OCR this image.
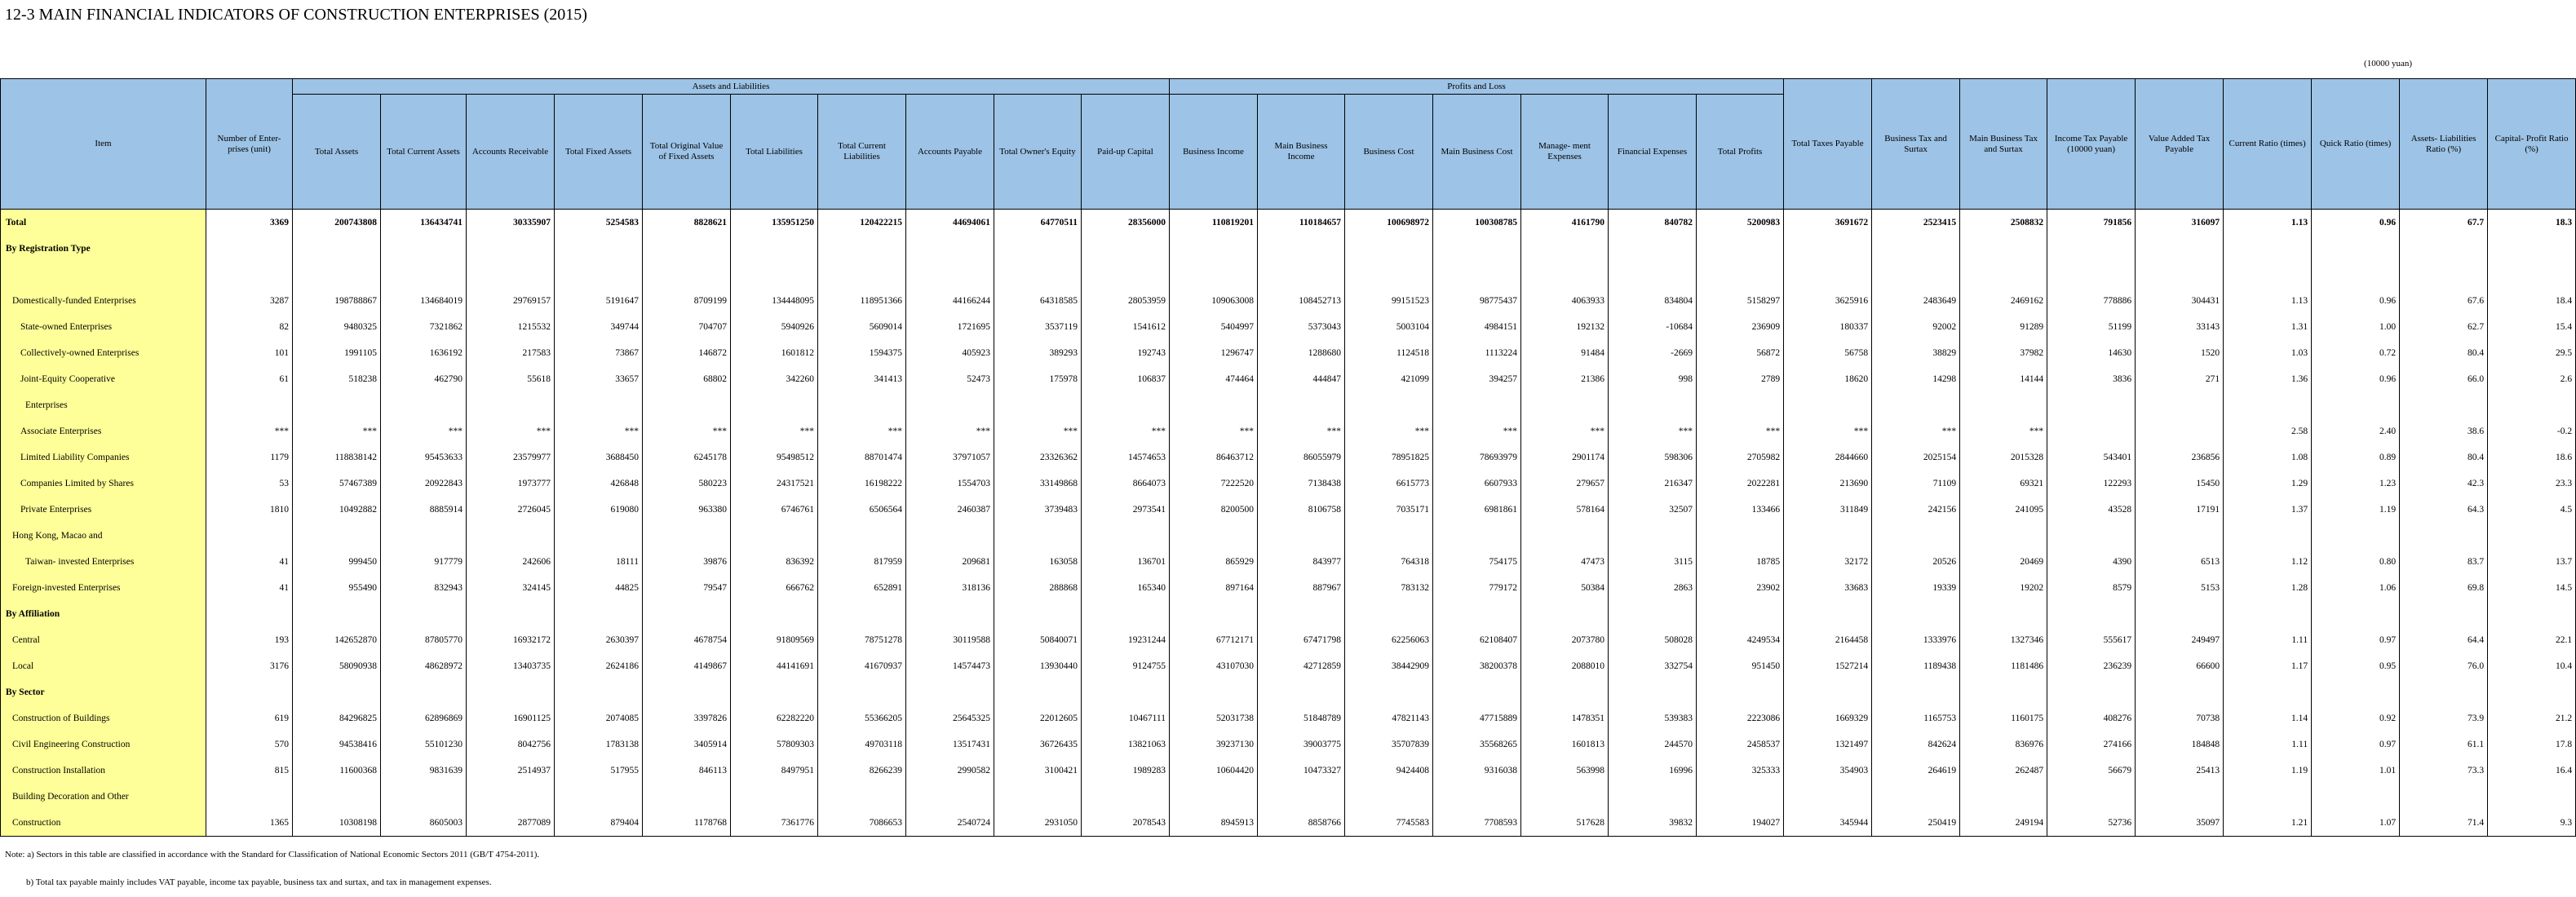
12-3 MAIN FINANCIAL INDICATORS OF CONSTRUCTION ENTERPRISES (2015)
(10000 yuan)
Item	Number of Enter- prises (unit)	Assets and Liabilities										Profits and Loss							Total Taxes Payable	Business Tax and Surtax	Main Business Tax and Surtax	Income Tax Payable (10000 yuan)	Value Added Tax Payable	Current Ratio (times)	Quick Ratio (times)	Assets- Liabilities Ratio (%)	Capital- Profit Ratio (%)
		Total Assets	Total Current Assets	Accounts Receivable	Total Fixed Assets	Total Original Value of Fixed Assets	Total Liabilities	Total Current Liabilities	Accounts Payable	Total Owner's Equity	Paid-up Capital	Business Income	Main Business Income	Business Cost	Main Business Cost	Manage- ment Expenses	Financial Expenses	Total Profits									
Total	3369	200743808	136434741	30335907	5254583	8828621	135951250	120422215	44694061	64770511	28356000	110819201	110184657	100698972	100308785	4161790	840782	5200983	3691672	2523415	2508832	791856	316097	1.13	0.96	67.7	18.3
By Registration Type																											

Domestically-funded Enterprises	3287	198788867	134684019	29769157	5191647	8709199	134448095	118951366	44166244	64318585	28053959	109063008	108452713	99151523	98775437	4063933	834804	5158297	3625916	2483649	2469162	778886	304431	1.13	0.96	67.6	18.4
State-owned Enterprises	82	9480325	7321862	1215532	349744	704707	5940926	5609014	1721695	3537119	1541612	5404997	5373043	5003104	4984151	192132	-10684	236909	180337	92002	91289	51199	33143	1.31	1.00	62.7	15.4
Collectively-owned Enterprises	101	1991105	1636192	217583	73867	146872	1601812	1594375	405923	389293	192743	1296747	1288680	1124518	1113224	91484	-2669	56872	56758	38829	37982	14630	1520	1.03	0.72	80.4	29.5
Joint-Equity Cooperative	61	518238	462790	55618	33657	68802	342260	341413	52473	175978	106837	474464	444847	421099	394257	21386	998	2789	18620	14298	14144	3836	271	1.36	0.96	66.0	2.6
Enterprises																											
Associate Enterprises	***	***	***	***	***	***	***	***	***	***	***	***	***	***	***	***	***	***	***	***	***			2.58	2.40	38.6	-0.2
Limited Liability Companies	1179	118838142	95453633	23579977	3688450	6245178	95498512	88701474	37971057	23326362	14574653	86463712	86055979	78951825	78693979	2901174	598306	2705982	2844660	2025154	2015328	543401	236856	1.08	0.89	80.4	18.6
Companies Limited by Shares	53	57467389	20922843	1973777	426848	580223	24317521	16198222	1554703	33149868	8664073	7222520	7138438	6615773	6607933	279657	216347	2022281	213690	71109	69321	122293	15450	1.29	1.23	42.3	23.3
Private Enterprises	1810	10492882	8885914	2726045	619080	963380	6746761	6506564	2460387	3739483	2973541	8200500	8106758	7035171	6981861	578164	32507	133466	311849	242156	241095	43528	17191	1.37	1.19	64.3	4.5
Hong Kong, Macao and																											
Taiwan- invested Enterprises	41	999450	917779	242606	18111	39876	836392	817959	209681	163058	136701	865929	843977	764318	754175	47473	3115	18785	32172	20526	20469	4390	6513	1.12	0.80	83.7	13.7
Foreign-invested Enterprises	41	955490	832943	324145	44825	79547	666762	652891	318136	288868	165340	897164	887967	783132	779172	50384	2863	23902	33683	19339	19202	8579	5153	1.28	1.06	69.8	14.5
By Affiliation																											
Central	193	142652870	87805770	16932172	2630397	4678754	91809569	78751278	30119588	50840071	19231244	67712171	67471798	62256063	62108407	2073780	508028	4249534	2164458	1333976	1327346	555617	249497	1.11	0.97	64.4	22.1
Local	3176	58090938	48628972	13403735	2624186	4149867	44141691	41670937	14574473	13930440	9124755	43107030	42712859	38442909	38200378	2088010	332754	951450	1527214	1189438	1181486	236239	66600	1.17	0.95	76.0	10.4
By Sector																											
Construction of Buildings	619	84296825	62896869	16901125	2074085	3397826	62282220	55366205	25645325	22012605	10467111	52031738	51848789	47821143	47715889	1478351	539383	2223086	1669329	1165753	1160175	408276	70738	1.14	0.92	73.9	21.2
Civil Engineering Construction	570	94538416	55101230	8042756	1783138	3405914	57809303	49703118	13517431	36726435	13821063	39237130	39003775	35707839	35568265	1601813	244570	2458537	1321497	842624	836976	274166	184848	1.11	0.97	61.1	17.8
Construction Installation	815	11600368	9831639	2514937	517955	846113	8497951	8266239	2990582	3100421	1989283	10604420	10473327	9424408	9316038	563998	16996	325333	354903	264619	262487	56679	25413	1.19	1.01	73.3	16.4
Building Decoration and Other																											
Construction	1365	10308198	8605003	2877089	879404	1178768	7361776	7086653	2540724	2931050	2078543	8945913	8858766	7745583	7708593	517628	39832	194027	345944	250419	249194	52736	35097	1.21	1.07	71.4	9.3
Note: a) Sectors in this table are classified in accordance with the Standard for Classification of National Economic Sectors 2011 (GB/T 4754-2011).
b) Total tax payable mainly includes VAT payable, income tax payable, business tax and surtax, and tax in management expenses.
